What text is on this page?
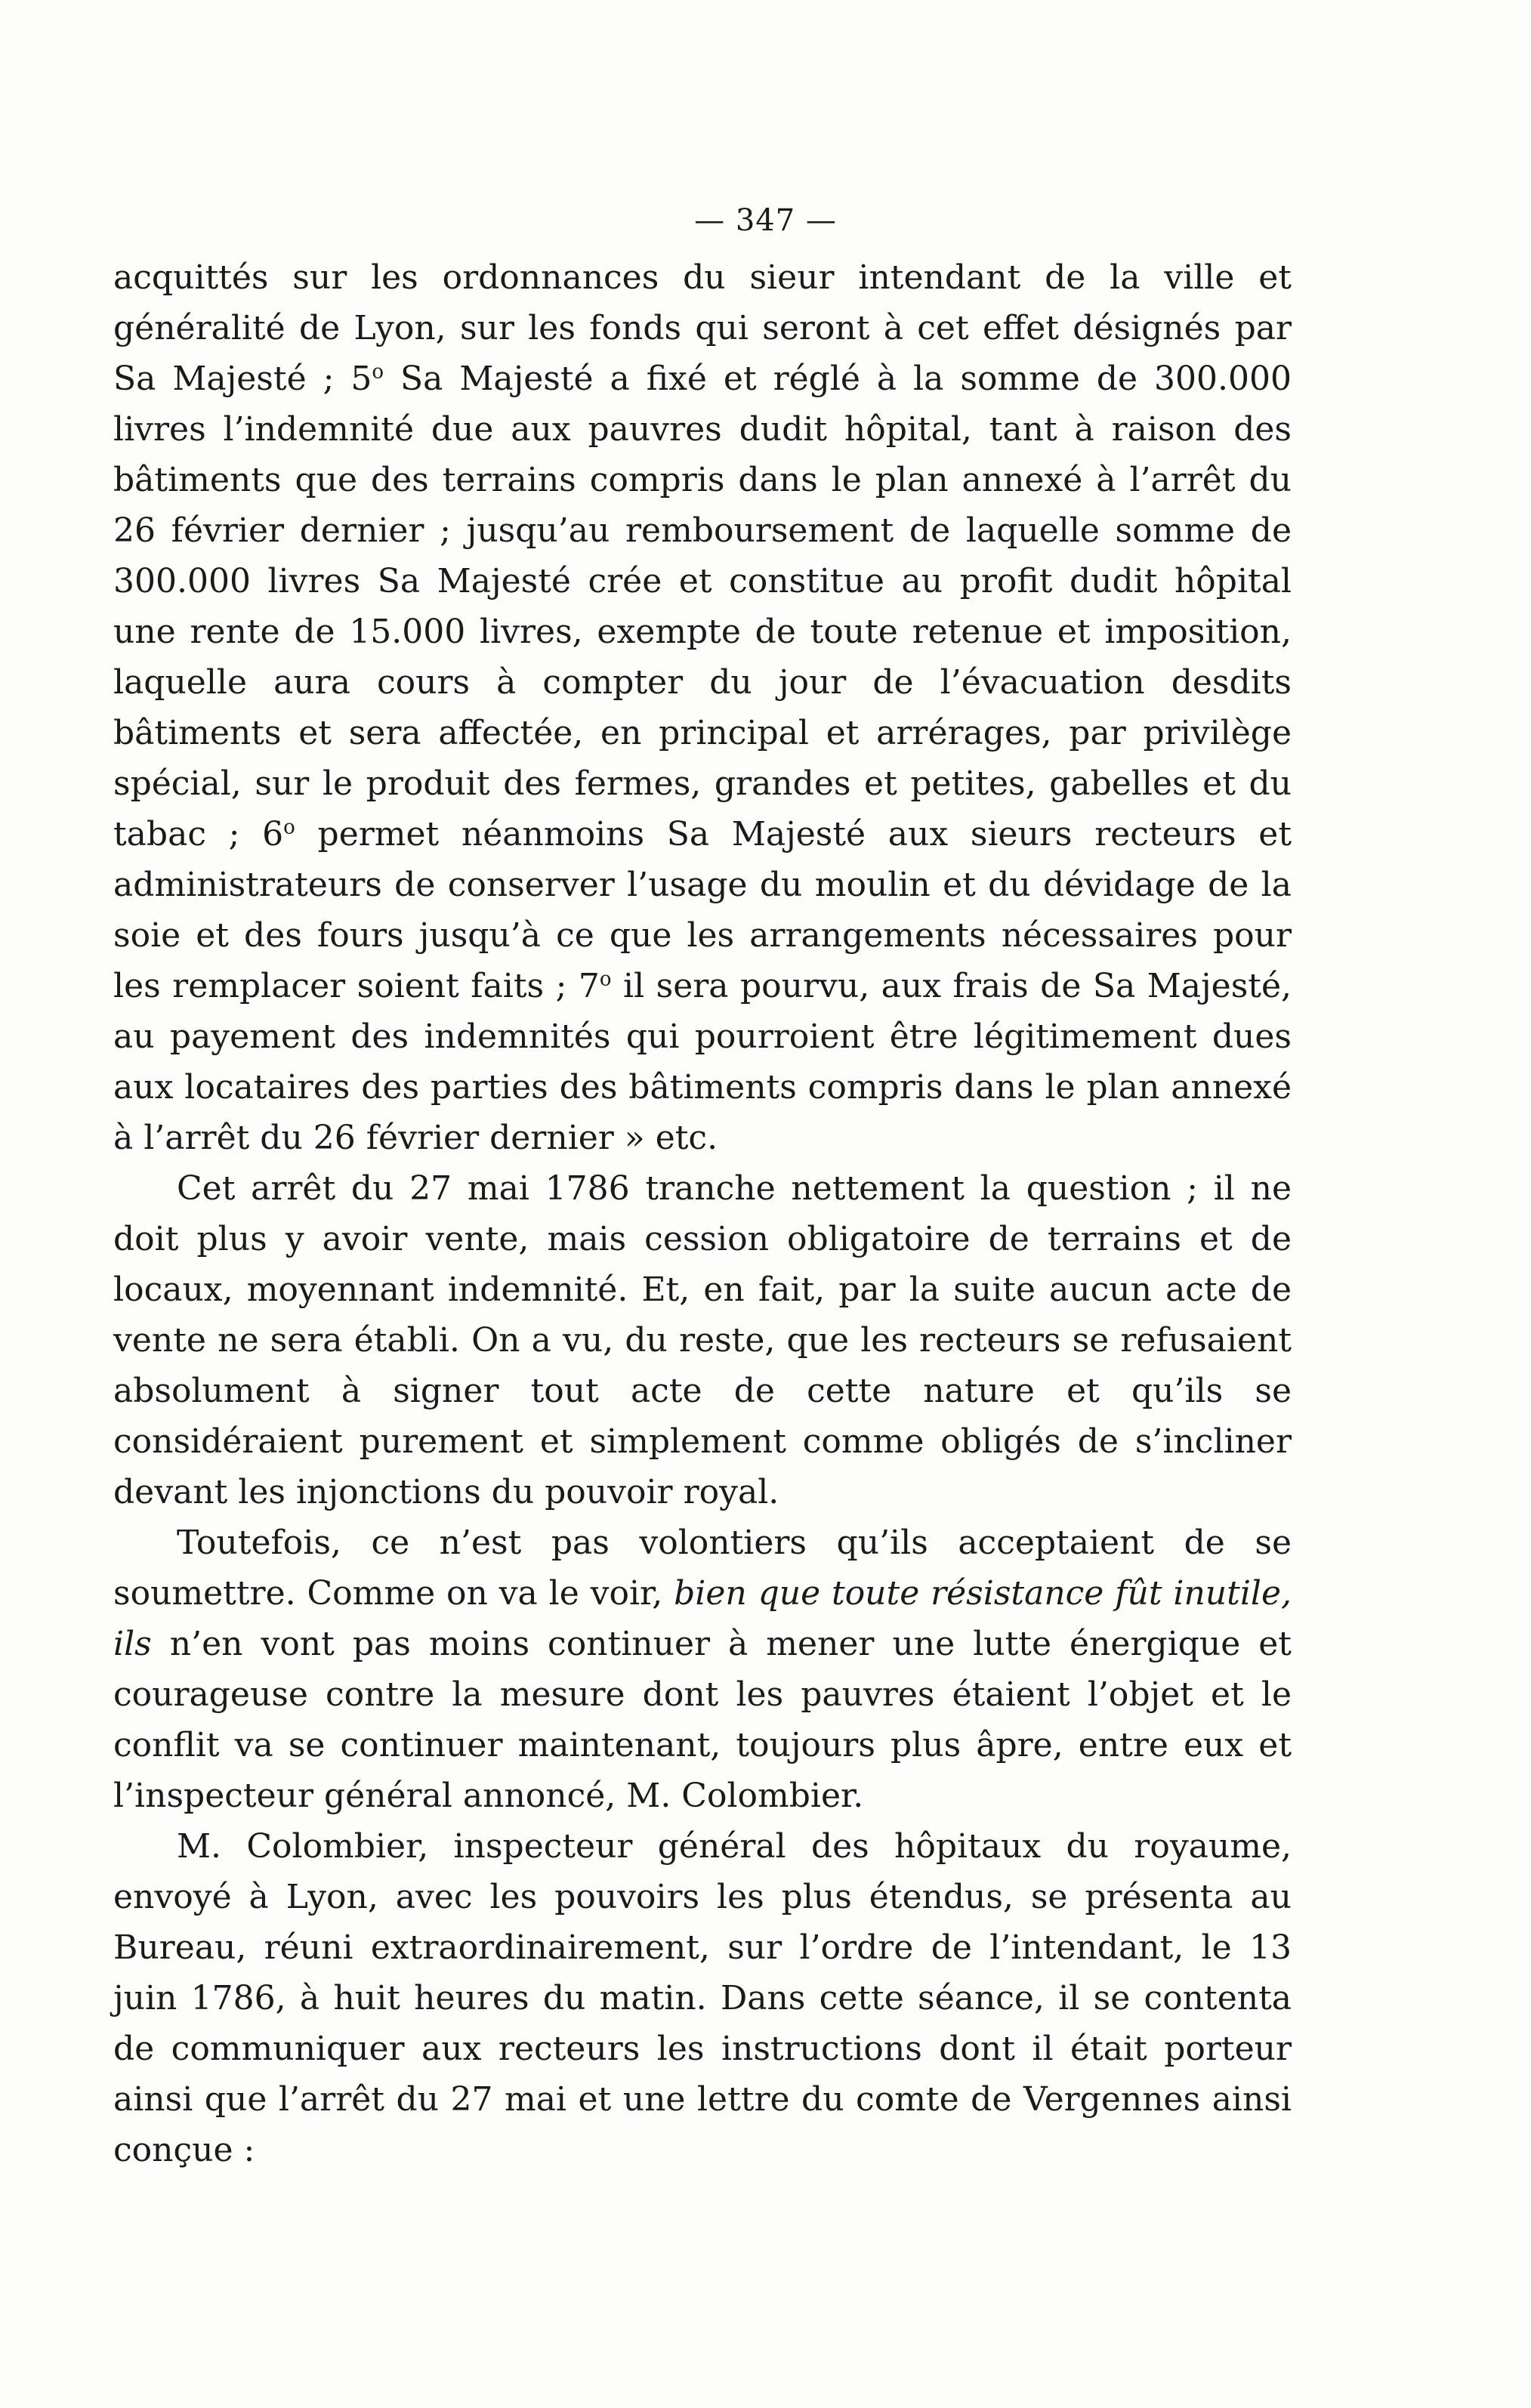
— 347 —

acquittés sur les ordonnances du sieur intendant de la ville et généralité de Lyon, sur les fonds qui seront à cet effet désignés par Sa Majesté ; 5$^o$ Sa Majesté a fixé et réglé à la somme de 300.000 livres l’indemnité due aux pauvres dudit hôpital, tant à raison des bâtiments que des terrains compris dans le plan annexé à l’arrêt du 26 février dernier ; jusqu’au remboursement de laquelle somme de 300.000 livres Sa Majesté crée et constitue au profit dudit hôpital une rente de 15.000 livres, exempte de toute retenue et imposition, laquelle aura cours à compter du jour de l’évacuation desdits bâtiments et sera affectée, en principal et arrérages, par privilège spécial, sur le produit des fermes, grandes et petites, gabelles et du tabac ; 6$^o$ permet néanmoins Sa Majesté aux sieurs recteurs et administrateurs de conserver l’usage du moulin et du dévidage de la soie et des fours jusqu’à ce que les arrangements nécessaires pour les remplacer soient faits ; 7$^o$ il sera pourvu, aux frais de Sa Majesté, au payement des indemnités qui pourroient être légitimement dues aux locataires des parties des bâtiments compris dans le plan annexé à l’arrêt du 26 février dernier » etc.

Cet arrêt du 27 mai 1786 tranche nettement la question ; il ne doit plus y avoir vente, mais cession obligatoire de terrains et de locaux, moyennant indemnité. Et, en fait, par la suite aucun acte de vente ne sera établi. On a vu, du reste, que les recteurs se refusaient absolument à signer tout acte de cette nature et qu’ils se considéraient purement et simplement comme obligés de s’incliner devant les injonctions du pouvoir royal.

Toutefois, ce n’est pas volontiers qu’ils acceptaient de se soumettre. Comme on va le voir, bien que toute résistance fût inutile, ils n’en vont pas moins continuer à mener une lutte énergique et courageuse contre la mesure dont les pauvres étaient l’objet et le conflit va se continuer maintenant, toujours plus âpre, entre eux et l’inspecteur général annoncé, M. Colombier.

M. Colombier, inspecteur général des hôpitaux du royaume, envoyé à Lyon, avec les pouvoirs les plus étendus, se présenta au Bureau, réuni extraordinairement, sur l’ordre de l’intendant, le 13 juin 1786, à huit heures du matin. Dans cette séance, il se contenta de communiquer aux recteurs les instructions dont il était porteur ainsi que l’arrêt du 27 mai et une lettre du comte de Vergennes ainsi conçue :
